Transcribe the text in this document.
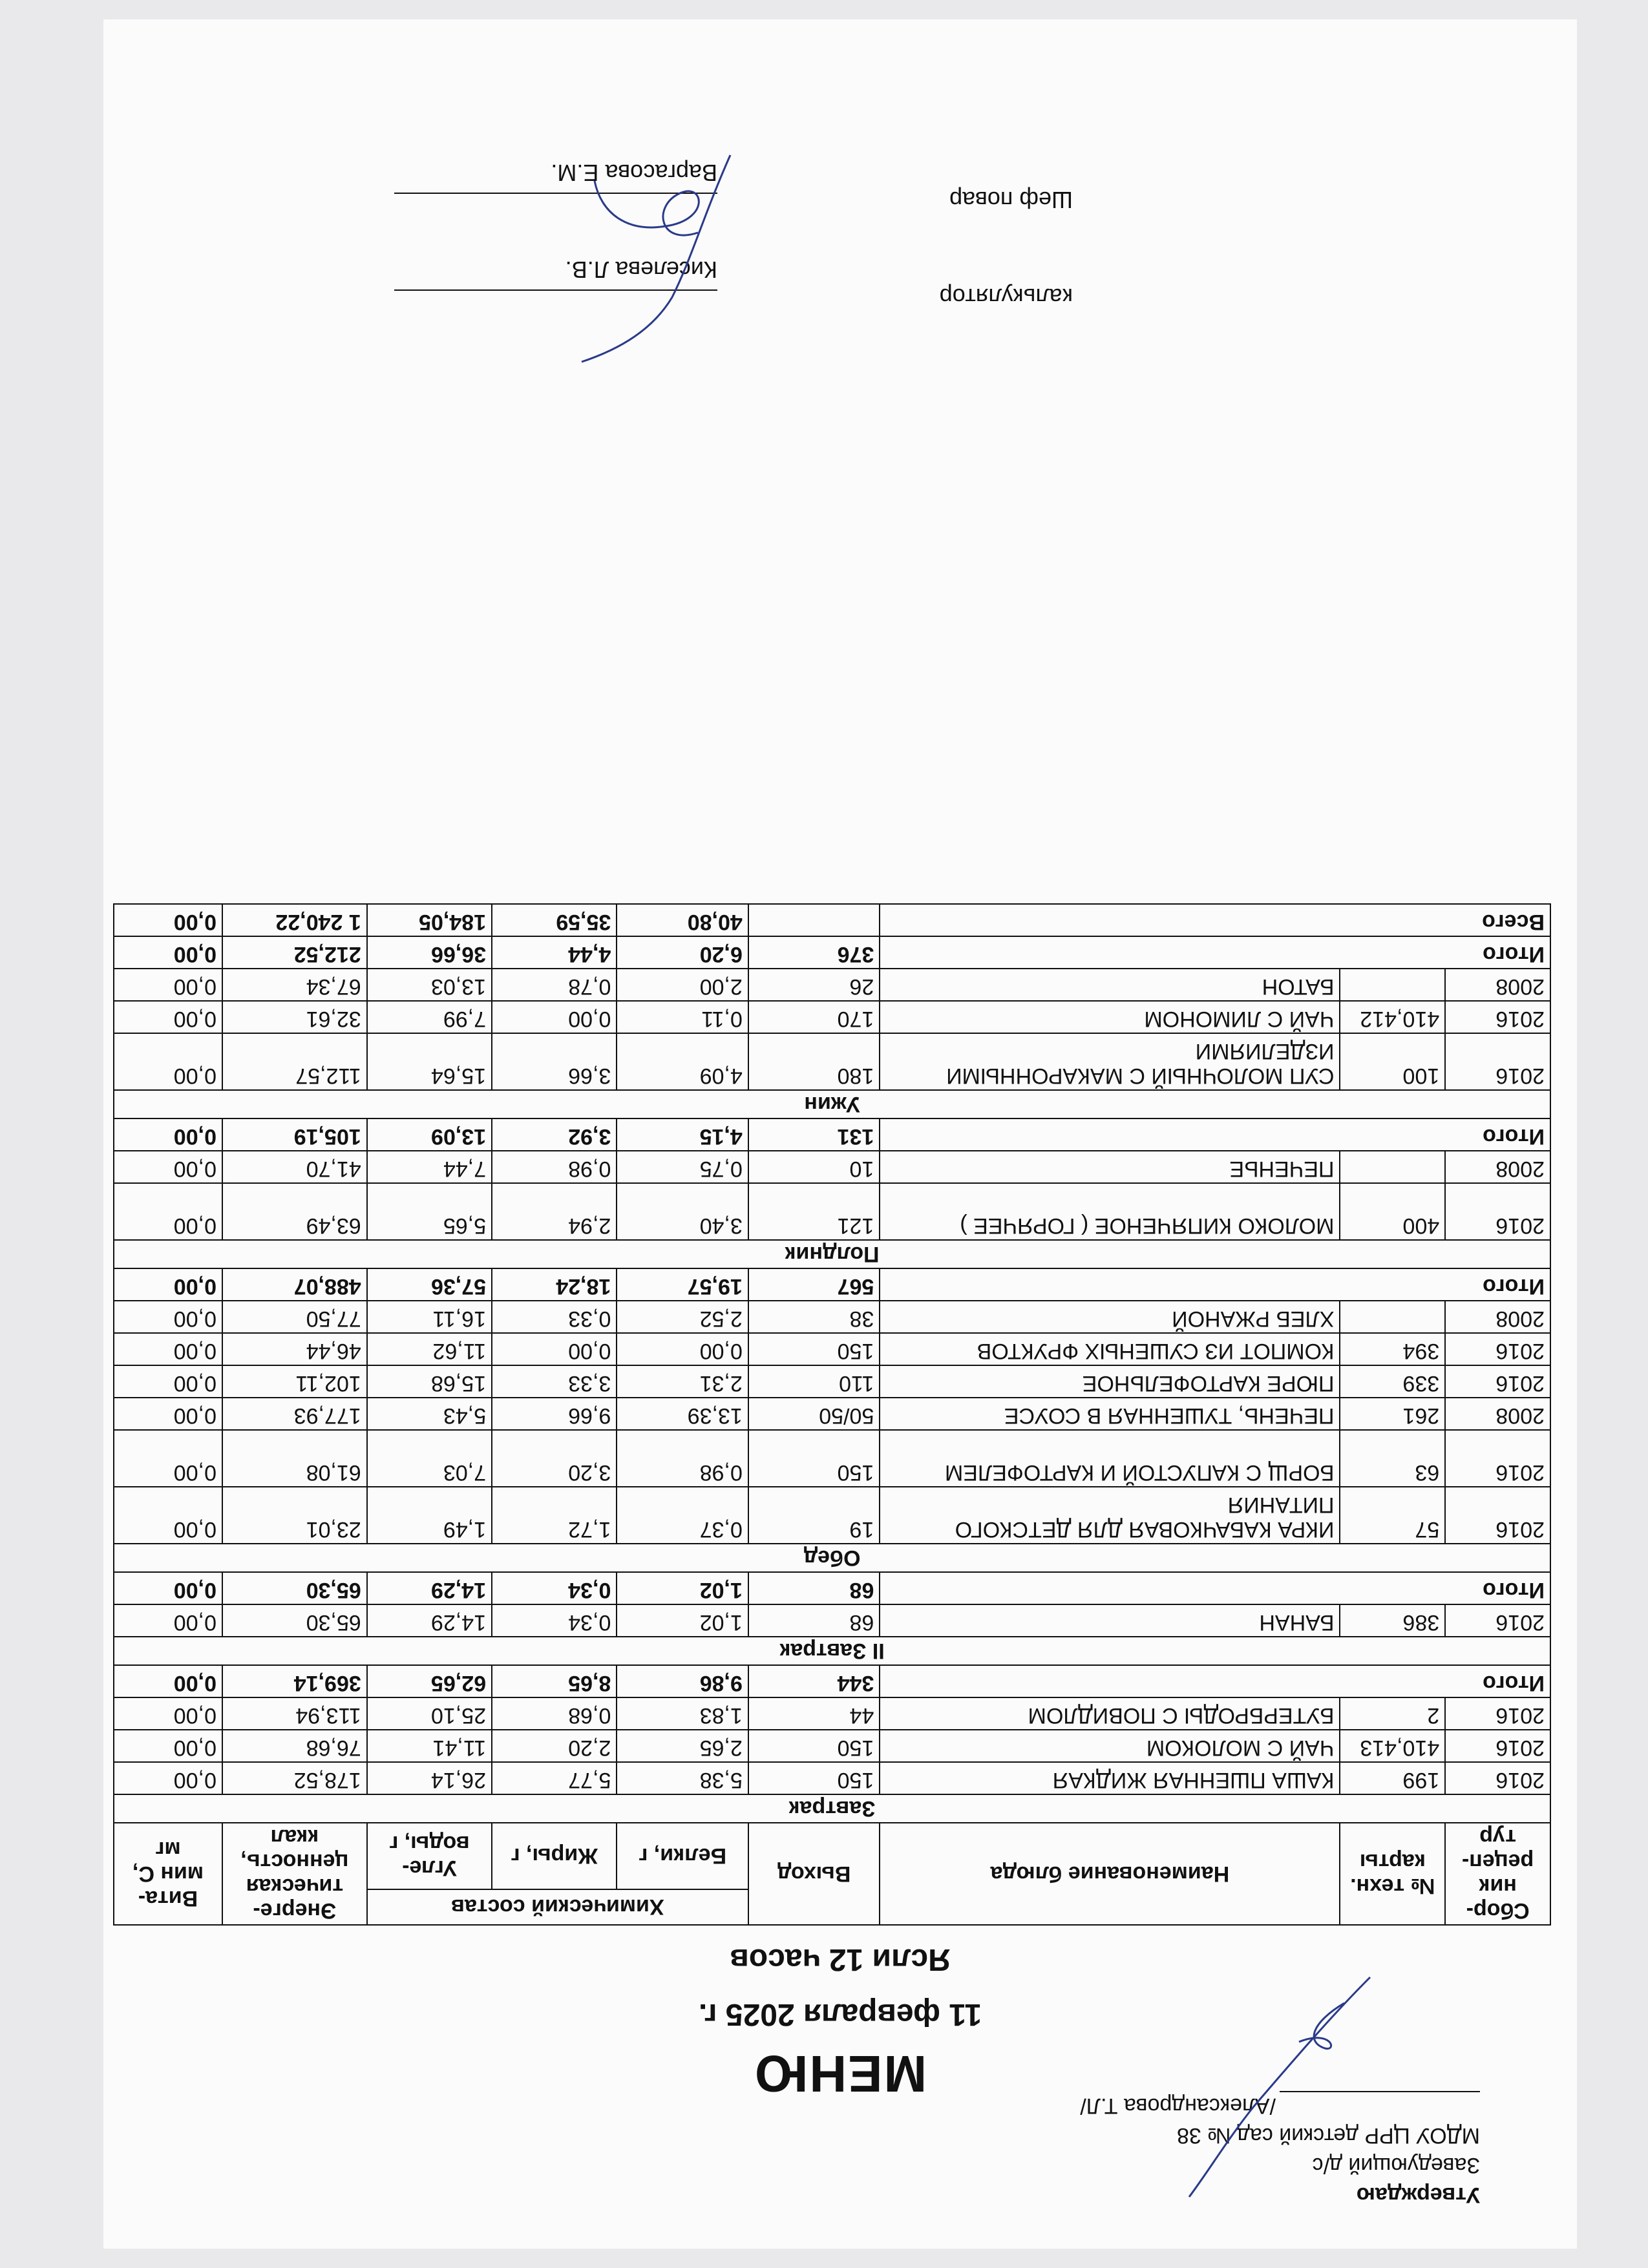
Утверждаю
Заведующий д/с
МДОУ ЦРР детский сад № 38
/Александрова Т.Л/
МЕНЮ
11 февраля 2025 г.
Ясли 12 часов
Сбор-ник рецеп-тур	№ техн. карты	Наименование блюда	Выход	Химический состав			Энерге-тическая ценность, ккал	Вита-мин С, мг
				Белки, г	Жиры, г	Угле-воды, г		
Завтрак								
2016	199	КАША ПШЕННАЯ ЖИДКАЯ	150	5,38	5,77	26,14	178,52	0,00
2016	410,413	ЧАЙ С МОЛОКОМ	150	2,65	2,20	11,41	76,68	0,00
2016	2	БУТЕРБРОДЫ С ПОВИДЛОМ	44	1,83	0,68	25,10	113,94	0,00
Итого			344	9,86	8,65	62,65	369,14	0,00
II Завтрак								
2016	386	БАНАН	68	1,02	0,34	14,29	65,30	0,00
Итого			68	1,02	0,34	14,29	65,30	0,00
Обед								
2016	57	ИКРА КАБАЧКОВАЯ ДЛЯ ДЕТСКОГО ПИТАНИЯ	19	0,37	1,72	1,49	23,01	0,00
2016	63	БОРЩ С КАПУСТОЙ И КАРТОФЕЛЕМ	150	0,98	3,20	7,03	61,08	0,00
2008	261	ПЕЧЕНЬ, ТУШЕННАЯ В СОУСЕ	50/50	13,39	9,66	5,43	177,93	0,00
2016	339	ПЮРЕ КАРТОФЕЛЬНОЕ	110	2,31	3,33	15,68	102,11	0,00
2016	394	КОМПОТ ИЗ СУШЕНЫХ ФРУКТОВ	150	0,00	0,00	11,62	46,44	0,00
2008		ХЛЕБ РЖАНОЙ	38	2,52	0,33	16,11	77,50	0,00
Итого			567	19,57	18,24	57,36	488,07	0,00
Полдник								
2016	400	МОЛОКО КИПЯЧЕНОЕ ( ГОРЯЧЕЕ )	121	3,40	2,94	5,65	63,49	0,00
2008		ПЕЧЕНЬЕ	10	0,75	0,98	7,44	41,70	0,00
Итого			131	4,15	3,92	13,09	105,19	0,00
Ужин								
2016	100	СУП МОЛОЧНЫЙ С МАКАРОННЫМИ ИЗДЕЛИЯМИ	180	4,09	3,66	15,64	112,57	0,00
2016	410,412	ЧАЙ С ЛИМОНОМ	170	0,11	0,00	7,99	32,61	0,00
2008		БАТОН	26	2,00	0,78	13,03	67,34	0,00
Итого			376	6,20	4,44	36,66	212,52	0,00
Всего				40,80	35,59	184,05	1 240,22	0,00
калькулятор
Киселева Л.В.
Шеф повар
Варгасова Е.М.
